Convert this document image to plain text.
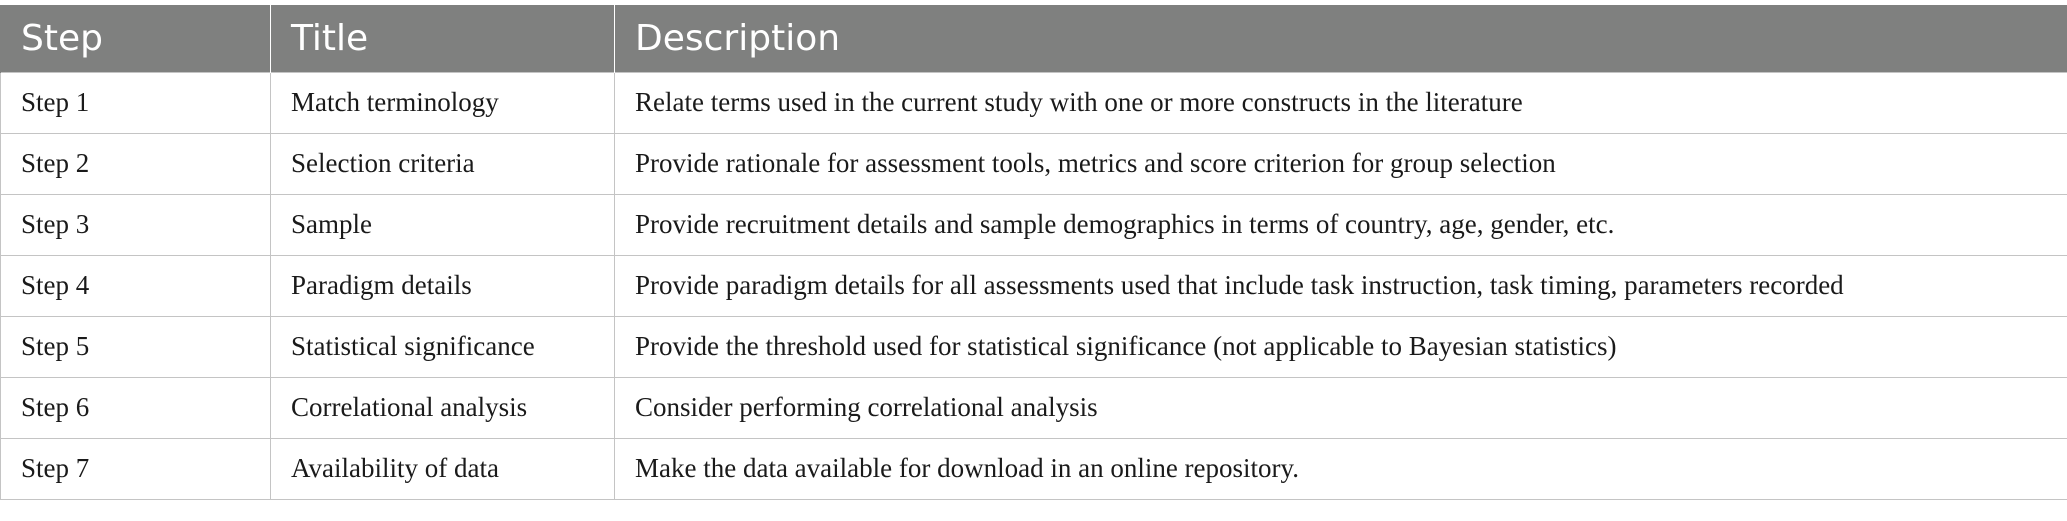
Step	Title	Description
Step 1	Match terminology	Relate terms used in the current study with one or more constructs in the literature
Step 2	Selection criteria	Provide rationale for assessment tools, metrics and score criterion for group selection
Step 3	Sample	Provide recruitment details and sample demographics in terms of country, age, gender, etc.
Step 4	Paradigm details	Provide paradigm details for all assessments used that include task instruction, task timing, parameters recorded
Step 5	Statistical significance	Provide the threshold used for statistical significance (not applicable to Bayesian statistics)
Step 6	Correlational analysis	Consider performing correlational analysis
Step 7	Availability of data	Make the data available for download in an online repository.
